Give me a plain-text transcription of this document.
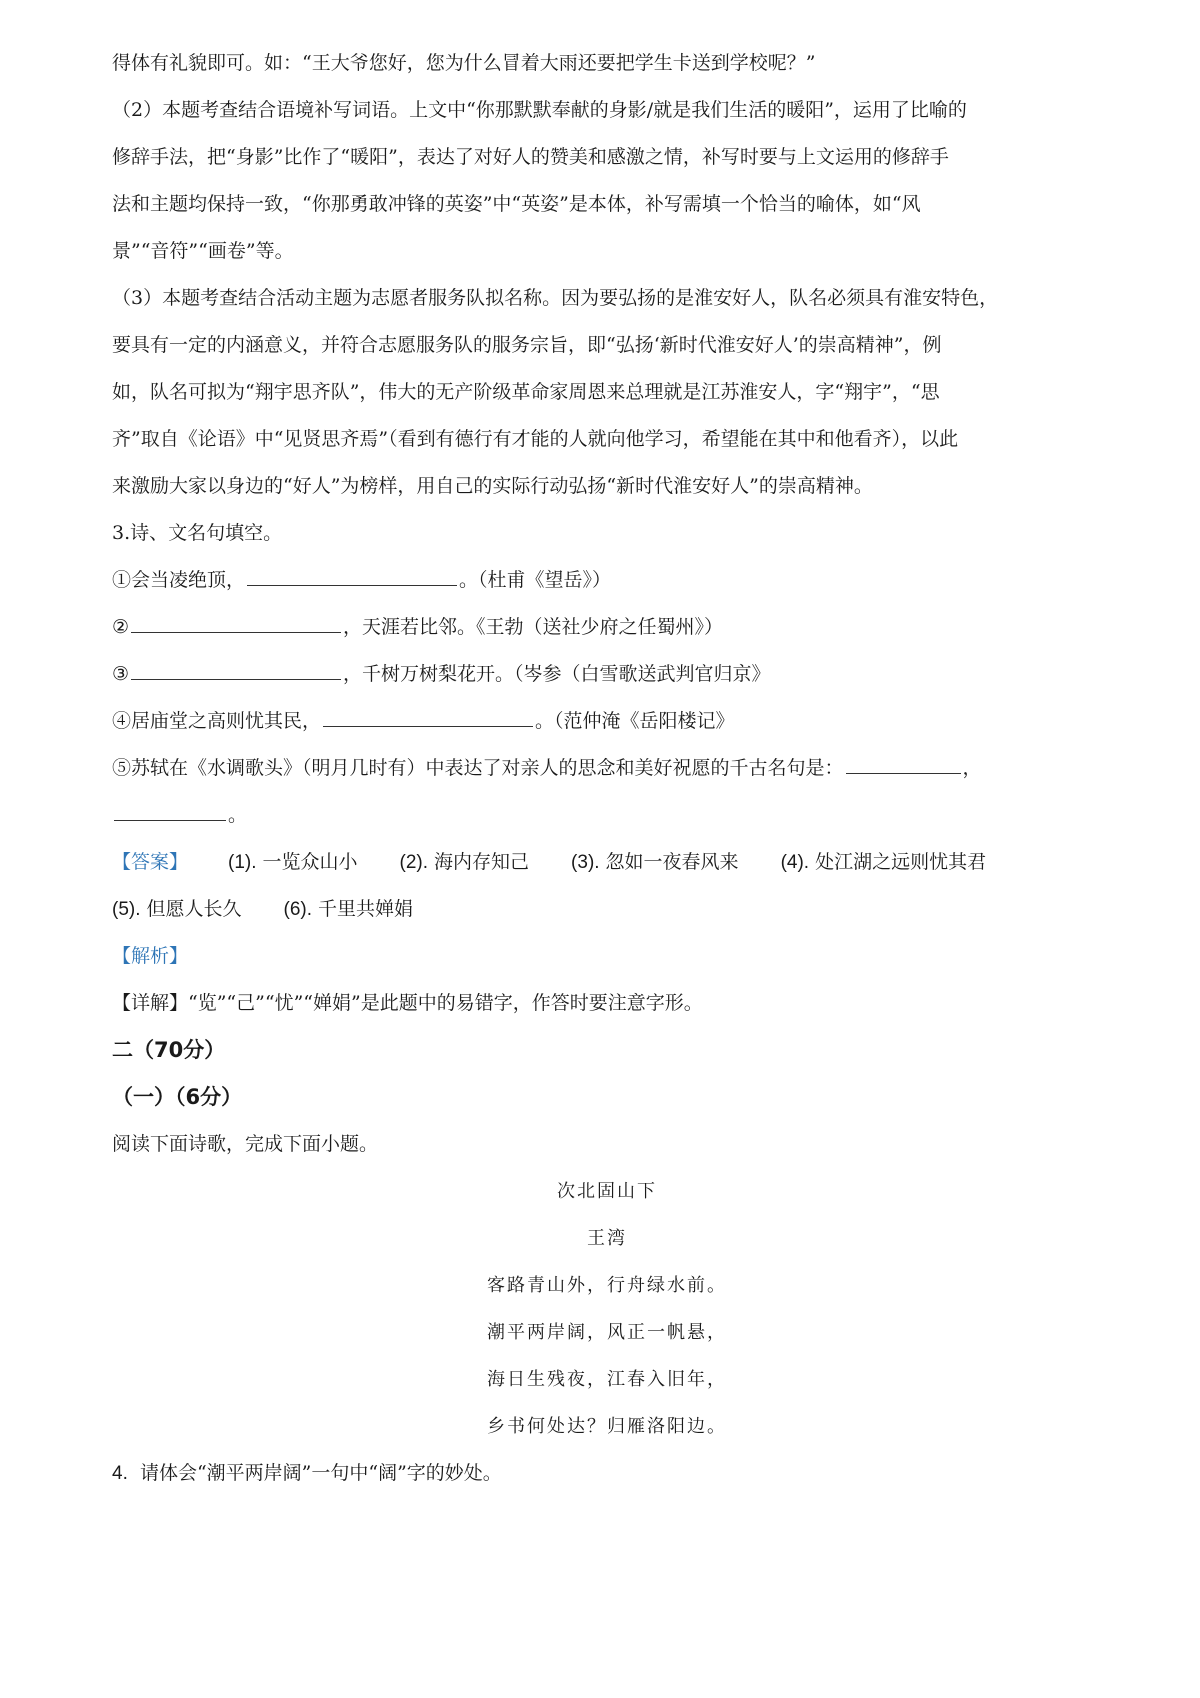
得体有礼貌即可。如：“王大爷您好，您为什么冒着大雨还要把学生卡送到学校呢？”
（2）本题考查结合语境补写词语。上文中“你那默默奉献的身影/就是我们生活的暖阳”，运用了比喻的
修辞手法，把“身影”比作了“暖阳”，表达了对好人的赞美和感激之情，补写时要与上文运用的修辞手
法和主题均保持一致，“你那勇敢冲锋的英姿”中“英姿”是本体，补写需填一个恰当的喻体，如“风
景”“音符”“画卷”等。
（3）本题考查结合活动主题为志愿者服务队拟名称。因为要弘扬的是淮安好人，队名必须具有淮安特色，
要具有一定的内涵意义，并符合志愿服务队的服务宗旨，即“弘扬‘新时代淮安好人’的崇高精神”，例
如，队名可拟为“翔宇思齐队”，伟大的无产阶级革命家周恩来总理就是江苏淮安人，字“翔宇”，“思
齐”取自《论语》中“见贤思齐焉”（看到有德行有才能的人就向他学习，希望能在其中和他看齐），以此
来激励大家以身边的“好人”为榜样，用自己的实际行动弘扬“新时代淮安好人”的崇高精神。
3.诗、文名句填空。
①会当凌绝顶，	。（杜甫《望岳》）
②	，天涯若比邻。《王勃（送社少府之任蜀州》）
③	，千树万树梨花开。（岑参（白雪歌送武判官归京》
④居庙堂之高则忧其民，	。（范仲淹《岳阳楼记》
⑤苏轼在《水调歌头》（明月几时有）中表达了对亲人的思念和美好祝愿的千古名句是：	，
。
【答案】 (1). 一览众山小 (2). 海内存知己 (3). 忽如一夜春风来 (4). 处江湖之远则忧其君
(5). 但愿人长久 (6). 千里共婵娟
【解析】
【详解】“览”“己”“忧”“婵娟”是此题中的易错字，作答时要注意字形。
二（70分）
（一）（6分）
阅读下面诗歌，完成下面小题。
次北固山下
王湾
客路青山外，行舟绿水前。
潮平两岸阔，风正一帆悬，
海日生残夜，江春入旧年，
乡书何处达？归雁洛阳边。
4. 请体会“潮平两岸阔”一句中“阔”字的妙处。
